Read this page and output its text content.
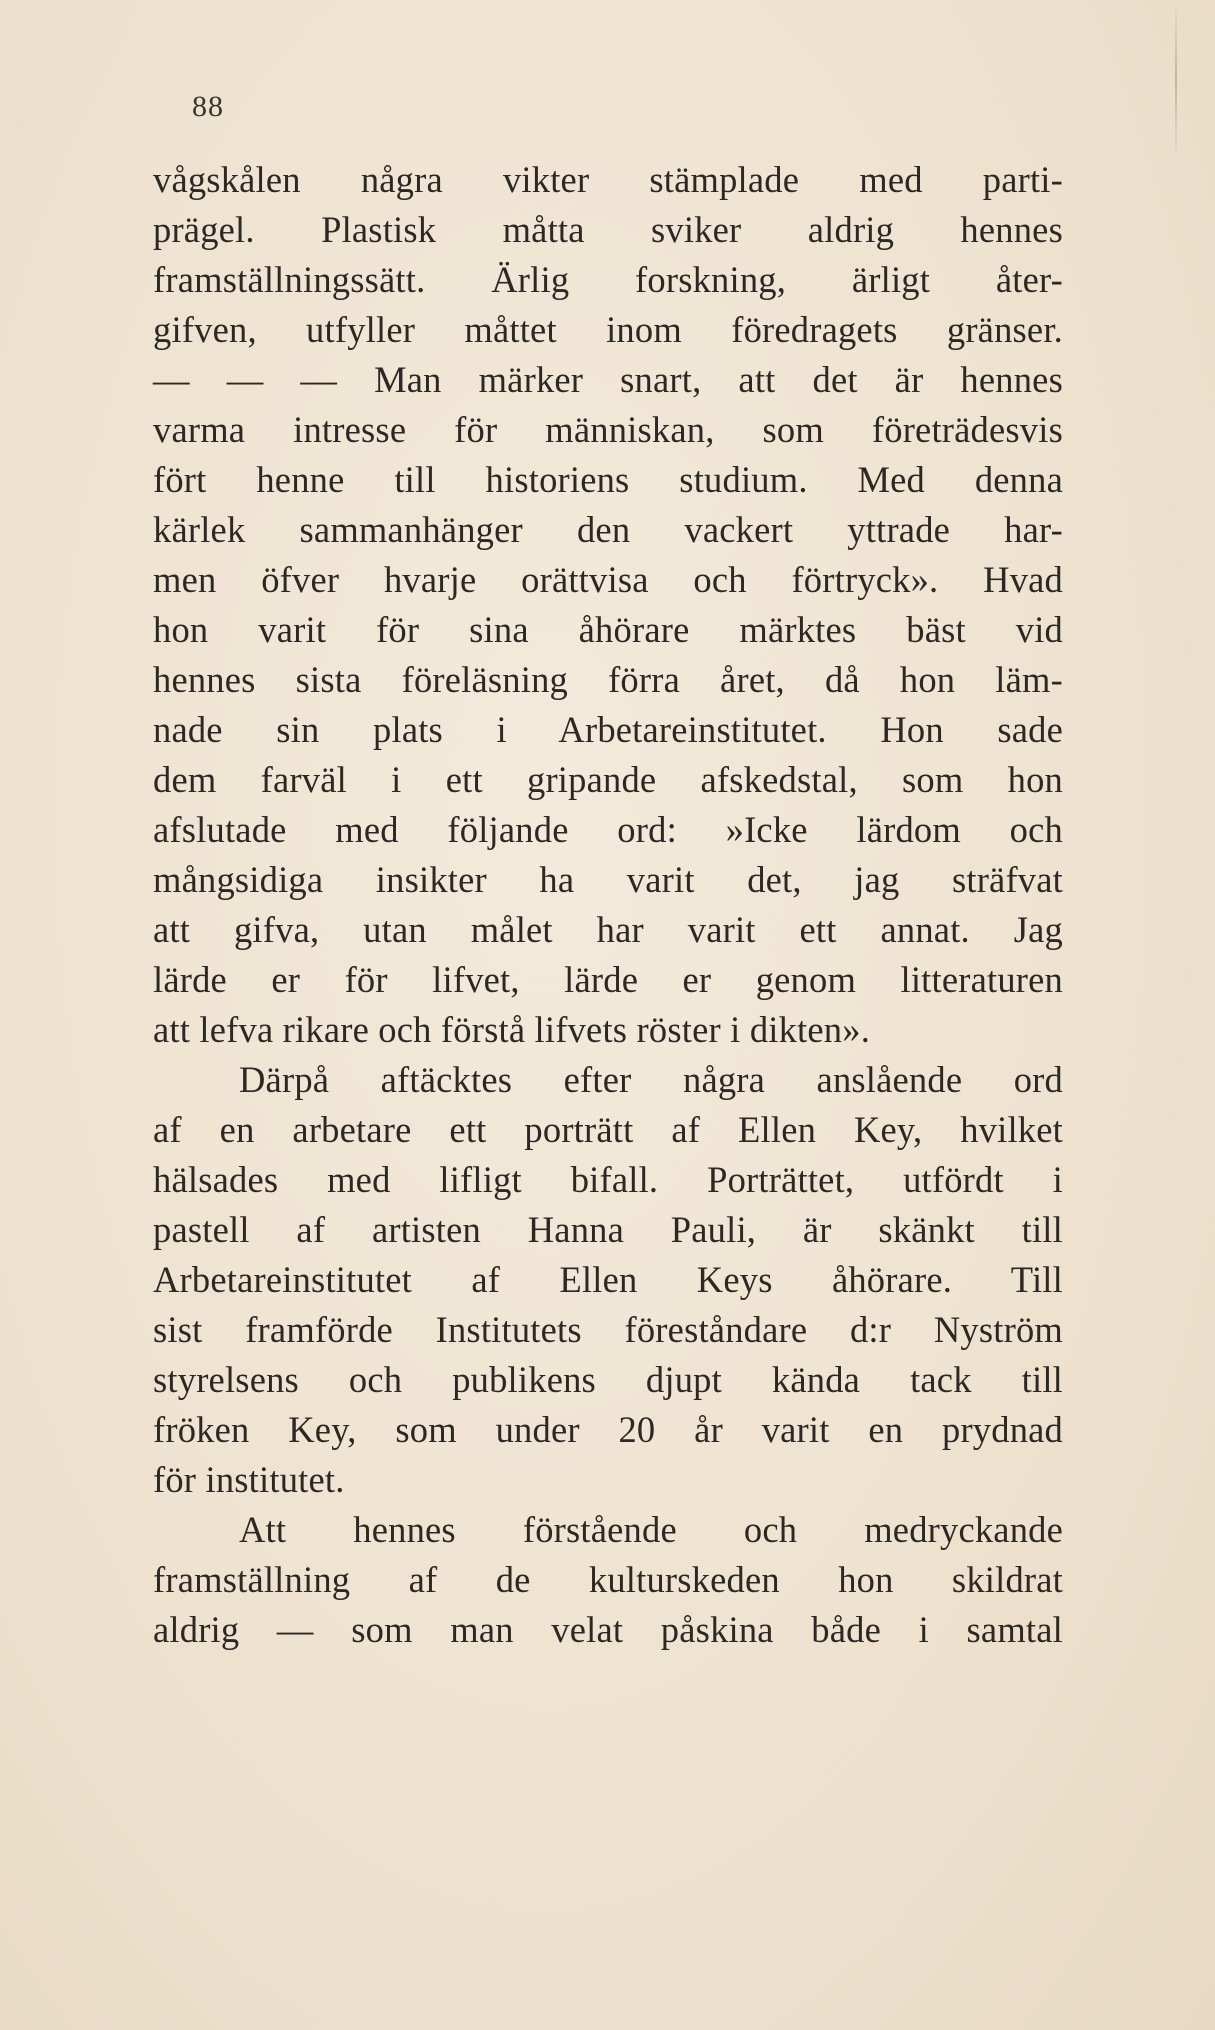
88
vågskålen några vikter stämplade med parti-
prägel. Plastisk måtta sviker aldrig hennes
framställningssätt. Ärlig forskning, ärligt åter-
gifven, utfyller måttet inom föredragets gränser.
— — — Man märker snart, att det är hennes
varma intresse för människan, som företrädesvis
fört henne till historiens studium. Med denna
kärlek sammanhänger den vackert yttrade har-
men öfver hvarje orättvisa och förtryck». Hvad
hon varit för sina åhörare märktes bäst vid
hennes sista föreläsning förra året, då hon läm-
nade sin plats i Arbetareinstitutet. Hon sade
dem farväl i ett gripande afskedstal, som hon
afslutade med följande ord: »Icke lärdom och
mångsidiga insikter ha varit det, jag sträfvat
att gifva, utan målet har varit ett annat. Jag
lärde er för lifvet, lärde er genom litteraturen
att lefva rikare och förstå lifvets röster i dikten».
Därpå aftäcktes efter några anslående ord
af en arbetare ett porträtt af Ellen Key, hvilket
hälsades med lifligt bifall. Porträttet, utfördt i
pastell af artisten Hanna Pauli, är skänkt till
Arbetareinstitutet af Ellen Keys åhörare. Till
sist framförde Institutets föreståndare d:r Nyström
styrelsens och publikens djupt kända tack till
fröken Key, som under 20 år varit en prydnad
för institutet.
Att hennes förstående och medryckande
framställning af de kulturskeden hon skildrat
aldrig — som man velat påskina både i samtal
